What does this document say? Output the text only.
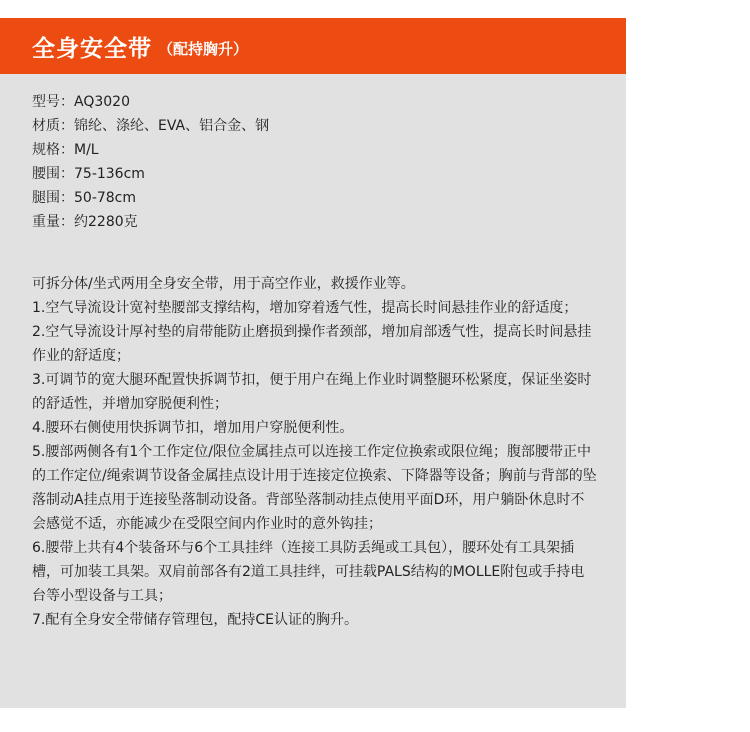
全身安全带 （配持胸升）
型号：AQ3020
材质：锦纶、涤纶、EVA、铝合金、钢
规格：M/L
腰围：75-136cm
腿围：50-78cm
重量：约2280克
可拆分体/坐式两用全身安全带，用于高空作业，救援作业等。
1.空气导流设计宽衬垫腰部支撑结构，增加穿着透气性，提高长时间悬挂作业的舒适度；
2.空气导流设计厚衬垫的肩带能防止磨损到操作者颈部，增加肩部透气性，提高长时间悬挂作业的舒适度；
3.可调节的宽大腿环配置快拆调节扣，便于用户在绳上作业时调整腿环松紧度，保证坐姿时的舒适性，并增加穿脱便利性；
4.腰环右侧使用快拆调节扣，增加用户穿脱便利性。
5.腰部两侧各有1个工作定位/限位金属挂点可以连接工作定位换索或限位绳；腹部腰带正中的工作定位/绳索调节设备金属挂点设计用于连接定位换索、下降器等设备；胸前与背部的坠落制动A挂点用于连接坠落制动设备。背部坠落制动挂点使用平面D环，用户躺卧休息时不会感觉不适，亦能减少在受限空间内作业时的意外钩挂；
6.腰带上共有4个装备环与6个工具挂绊（连接工具防丢绳或工具包），腰环处有工具架插槽，可加装工具架。双肩前部各有2道工具挂绊，可挂载PALS结构的MOLLE附包或手持电台等小型设备与工具；
7.配有全身安全带储存管理包，配持CE认证的胸升。
